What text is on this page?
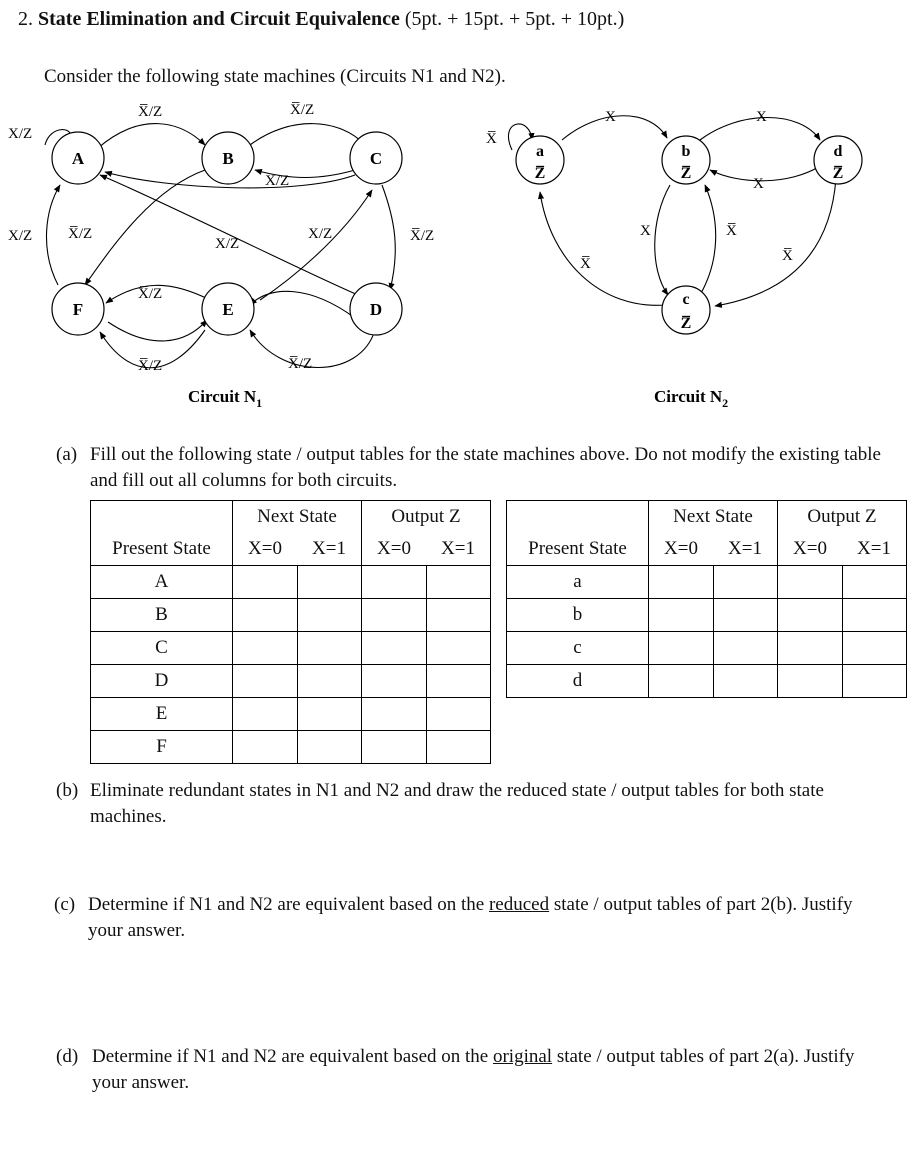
2. State Elimination and Circuit Equivalence (5pt. + 15pt. + 5pt. + 10pt.)
Consider the following state machines (Circuits N1 and N2).
A	B	C
F	E	D
X/Z
X̅/Z	X̅/Z
X/Z
X/Z X̅/Z
X/Z
X/Z	X̅/Z
X̅/Z
X̅/Z	X̅/Z
Circuit $N_1$
a
Z̅
b
Z̅
d
Z̅
c
Z̅
X̅
X	X
X
X	X̅
X̅	X̅
Circuit $N_2$
(a) Fill out the following state / output tables for the state machines above. Do not modify the existing table and fill out all columns for both circuits.
	Next State		Output Z	
Present State	X=0	X=1	X=0	X=1
A				
B				
C				
D				
E				
F				
	Next State		Output Z	
Present State	X=0	X=1	X=0	X=1
a				
b				
c				
d				
(b) Eliminate redundant states in N1 and N2 and draw the reduced state / output tables for both state machines.
(c) Determine if N1 and N2 are equivalent based on the reduced state / output tables of part 2(b). Justify your answer.
(d) Determine if N1 and N2 are equivalent based on the original state / output tables of part 2(a). Justify your answer.
